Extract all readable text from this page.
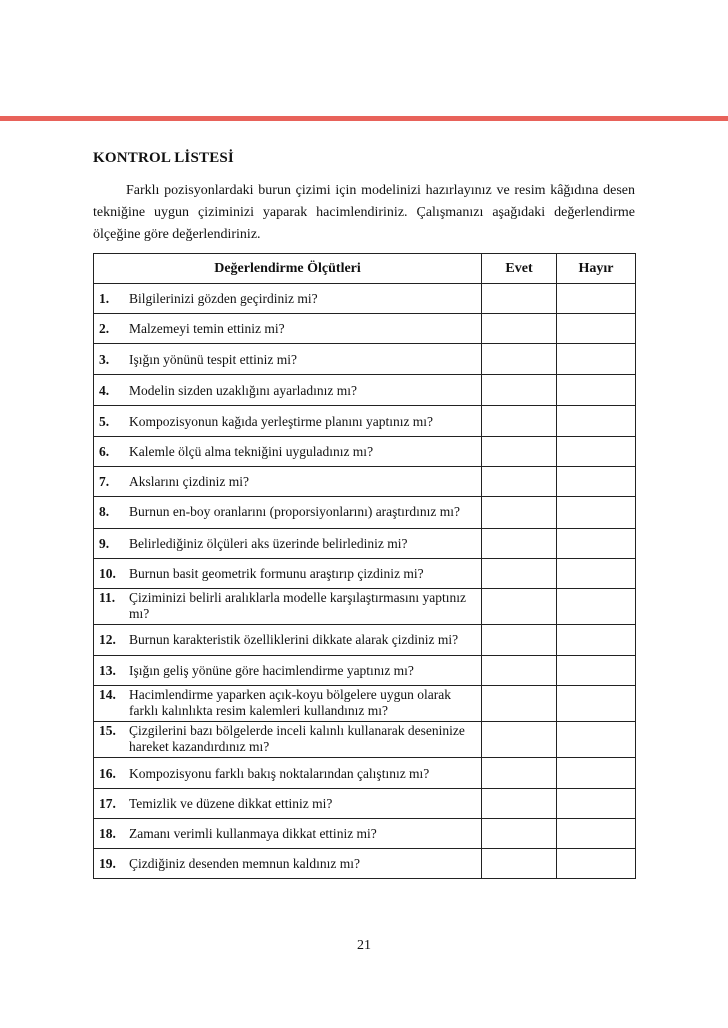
KONTROL LİSTESİ

Farklı pozisyonlardaki burun çizimi için modelinizi hazırlayınız ve resim kâğıdına desen tekniğine uygun çiziminizi yaparak hacimlendiriniz. Çalışmanızı aşağıdaki değerlendirme ölçeğine göre değerlendiriniz.

Değerlendirme Ölçütleri	Evet	Hayır

1. Bilgilerinizi gözden geçirdiniz mi?		

2. Malzemeyi temin ettiniz mi?		

3. Işığın yönünü tespit ettiniz mi?		

4. Modelin sizden uzaklığını ayarladınız mı?		

5. Kompozisyonun kağıda yerleştirme planını yaptınız mı?		

6. Kalemle ölçü alma tekniğini uyguladınız mı?		

7. Akslarını çizdiniz mi?		

8. Burnun en-boy oranlarını (proporsiyonlarını) araştırdınız mı?		

9. Belirlediğiniz ölçüleri aks üzerinde belirlediniz mi?		

10. Burnun basit geometrik formunu araştırıp çizdiniz mi?		

11. Çiziminizi belirli aralıklarla modelle karşılaştırmasını yaptınız mı?		

12. Burnun karakteristik özelliklerini dikkate alarak çizdiniz mi?		

13. Işığın geliş yönüne göre hacimlendirme yaptınız mı?		

14. Hacimlendirme yaparken açık-koyu bölgelere uygun olarak farklı kalınlıkta resim kalemleri kullandınız mı?		

15. Çizgilerini bazı bölgelerde inceli kalınlı kullanarak deseninize hareket kazandırdınız mı?		

16. Kompozisyonu farklı bakış noktalarından çalıştınız mı?		

17. Temizlik ve düzene dikkat ettiniz mi?		

18. Zamanı verimli kullanmaya dikkat ettiniz mi?		

19. Çizdiğiniz desenden memnun kaldınız mı?		

21
